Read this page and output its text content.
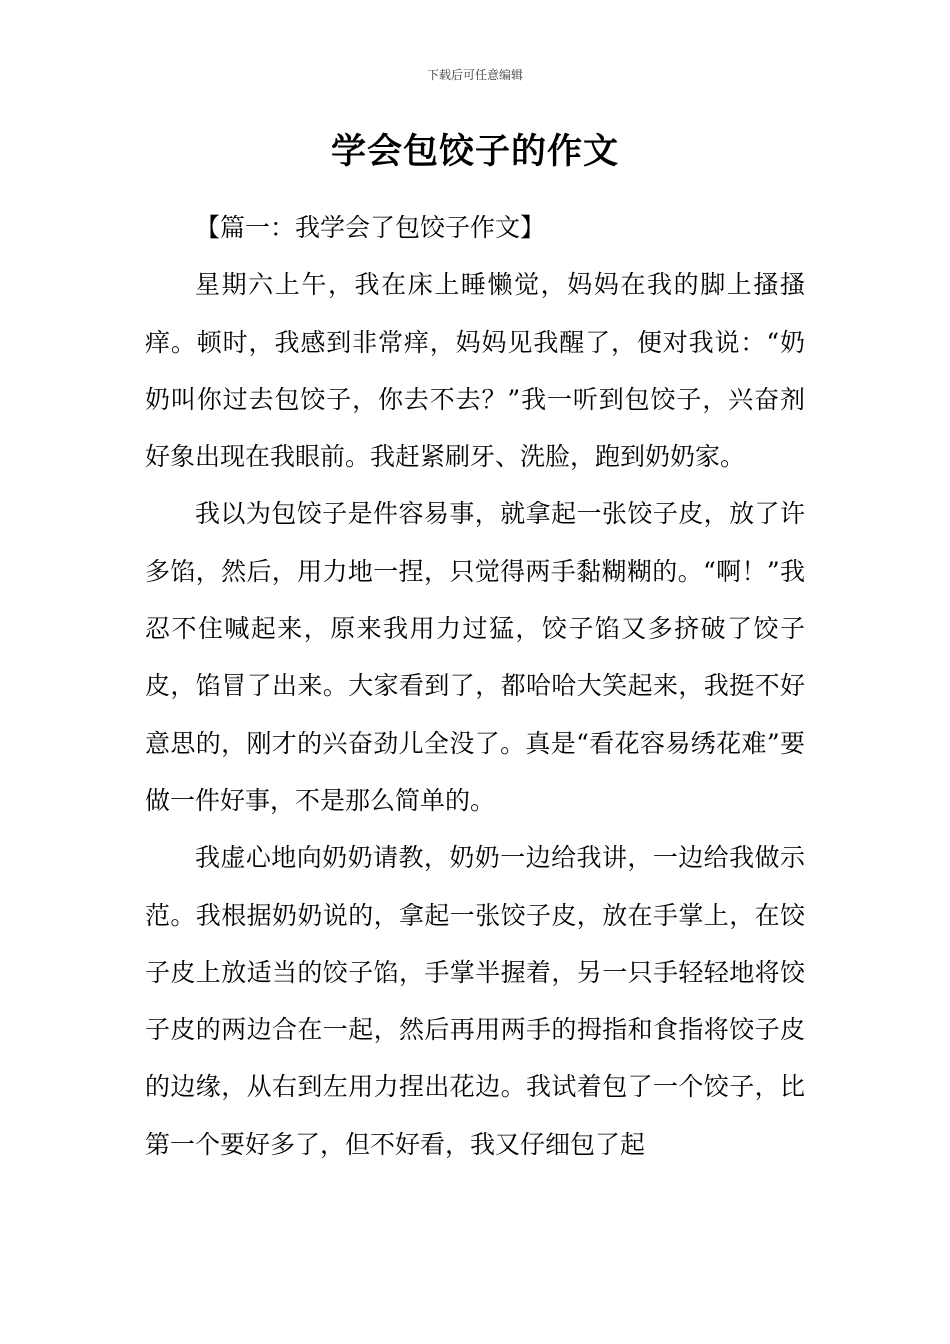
下载后可任意编辑
学会包饺子的作文

【篇一：我学会了包饺子作文】

星期六上午，我在床上睡懒觉，妈妈在我的脚上搔搔痒。顿时，我感到非常痒，妈妈见我醒了，便对我说：“奶奶叫你过去包饺子，你去不去？”我一听到包饺子，兴奋剂好象出现在我眼前。我赶紧刷牙、洗脸，跑到奶奶家。

我以为包饺子是件容易事，就拿起一张饺子皮，放了许多馅，然后，用力地一捏，只觉得两手黏糊糊的。“啊！”我忍不住喊起来，原来我用力过猛，饺子馅又多挤破了饺子皮，馅冒了出来。大家看到了，都哈哈大笑起来，我挺不好意思的，刚才的兴奋劲儿全没了。真是“看花容易绣花难”要做一件好事，不是那么简单的。

我虚心地向奶奶请教，奶奶一边给我讲，一边给我做示范。我根据奶奶说的，拿起一张饺子皮，放在手掌上，在饺子皮上放适当的饺子馅，手掌半握着，另一只手轻轻地将饺子皮的两边合在一起，然后再用两手的拇指和食指将饺子皮的边缘，从右到左用力捏出花边。我试着包了一个饺子，比第一个要好多了，但不好看，我又仔细包了起
